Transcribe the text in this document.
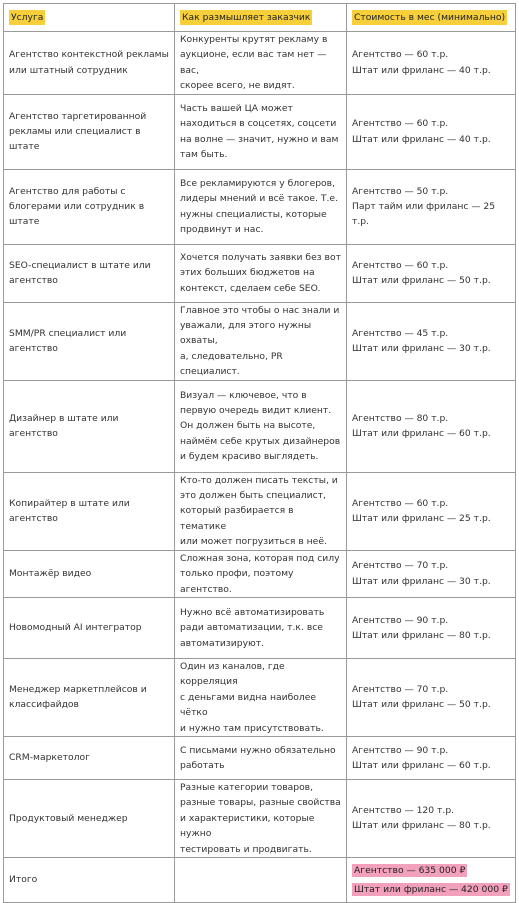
Услуга	Как размышляет заказчик	Стоимость в мес (минимально)
Агентство контекстной рекламы или штатный сотрудник	Конкуренты крутят рекламу в
аукционе, если вас там нет — вас,
скорее всего, не видят.	Агентство — 60 т.р.
Штат или фриланс — 40 т.р.

Агентство таргетированной рекламы или специалист в штате	Часть вашей ЦА может
находиться в соцсетях, соцсети
на волне — значит, нужно и вам
там быть.	Агентство — 60 т.р.
Штат или фриланс — 40 т.р.

Агентство для работы с блогерами или сотрудник в штате	Все рекламируются у блогеров,
лидеры мнений и всё такое. Т.е.
нужны специалисты, которые
продвинут и нас.	Агентство — 50 т.р.
Парт тайм или фриланс — 25 т.р.

SEO-специалист в штате или агентство	Хочется получать заявки без вот
этих больших бюджетов на
контекст, сделаем себе SEO.	Агентство — 60 т.р.
Штат или фриланс — 50 т.р.

SMM/PR специалист или агентство	Главное это чтобы о нас знали и
уважали, для этого нужны охваты,
а, следовательно, PR специалист.	Агентство — 45 т.р.
Штат или фриланс — 30 т.р.

Дизайнер в штате или агентство	Визуал — ключевое, что в
первую очередь видит клиент.
Он должен быть на высоте,
наймём себе крутых дизайнеров
и будем красиво выглядеть.	Агентство — 80 т.р.
Штат или фриланс — 60 т.р.

Копирайтер в штате или агентство	Кто-то должен писать тексты, и
это должен быть специалист,
который разбирается в тематике
или может погрузиться в неё.	Агентство — 60 т.р.
Штат или фриланс — 25 т.р.

Монтажёр видео	Сложная зона, которая под силу
только профи, поэтому агентство.	Агентство — 70 т.р.
Штат или фриланс — 30 т.р.

Новомодный AI интегратор	Нужно всё автоматизировать
ради автоматизации, т.к. все
автоматизируют.	Агентство — 90 т.р.
Штат или фриланс — 80 т.р.

Менеджер маркетплейсов и классифайдов	Один из каналов, где корреляция
с деньгами видна наиболее чётко
и нужно там присутствовать.	Агентство — 70 т.р.
Штат или фриланс — 50 т.р.

CRM-маркетолог	С письмами нужно обязательно
работать	Агентство — 90 т.р.
Штат или фриланс — 60 т.р.

Продуктовый менеджер	Разные категории товаров,
разные товары, разные свойства
и характеристики, которые нужно
тестировать и продвигать.	Агентство — 120 т.р.
Штат или фриланс — 80 т.р.

Итого		Агентство — 635 000 ₽
Штат или фриланс — 420 000 ₽
